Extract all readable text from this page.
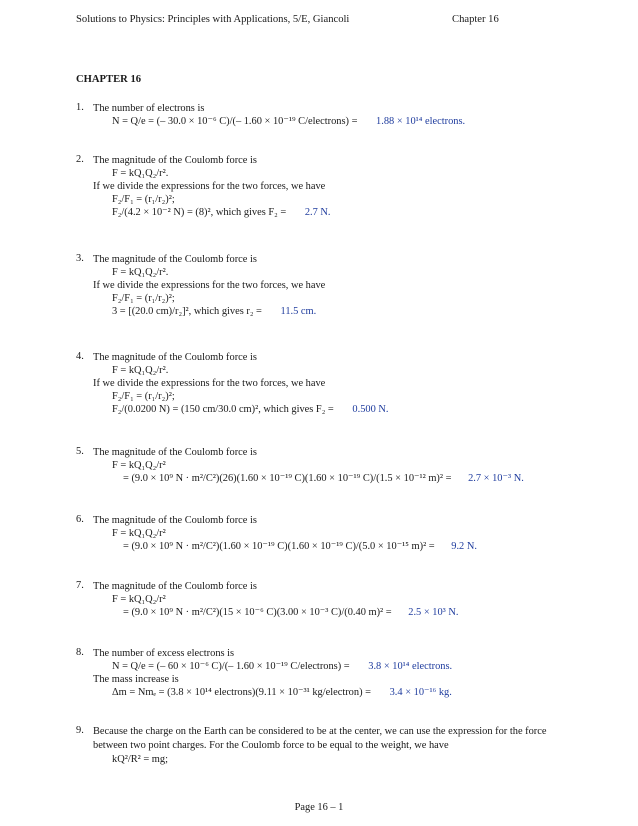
Solutions to Physics: Principles with Applications, 5/E, Giancoli	Chapter 16
CHAPTER 16
1. The number of electrons is
N = Q/e = (– 30.0 × 10⁻⁶ C)/(– 1.60 × 10⁻¹⁹ C/electrons) = 1.88 × 10¹⁴ electrons.
2. The magnitude of the Coulomb force is
F = kQ₁Q₂/r².
If we divide the expressions for the two forces, we have
F₂/F₁ = (r₁/r₂)²;
F₂/(4.2 × 10⁻² N) = (8)², which gives F₂ = 2.7 N.
3. The magnitude of the Coulomb force is
F = kQ₁Q₂/r².
If we divide the expressions for the two forces, we have
F₂/F₁ = (r₁/r₂)²;
3 = [(20.0 cm)/r₂]², which gives r₂ = 11.5 cm.
4. The magnitude of the Coulomb force is
F = kQ₁Q₂/r².
If we divide the expressions for the two forces, we have
F₂/F₁ = (r₁/r₂)²;
F₂/(0.0200 N) = (150 cm/30.0 cm)², which gives F₂ = 0.500 N.
5. The magnitude of the Coulomb force is
F = kQ₁Q₂/r²
= (9.0 × 10⁹ N · m²/C²)(26)(1.60 × 10⁻¹⁹ C)(1.60 × 10⁻¹⁹ C)/(1.5 × 10⁻¹² m)² = 2.7 × 10⁻³ N.
6. The magnitude of the Coulomb force is
F = kQ₁Q₂/r²
= (9.0 × 10⁹ N · m²/C²)(1.60 × 10⁻¹⁹ C)(1.60 × 10⁻¹⁹ C)/(5.0 × 10⁻¹⁵ m)² = 9.2 N.
7. The magnitude of the Coulomb force is
F = kQ₁Q₂/r²
= (9.0 × 10⁹ N · m²/C²)(15 × 10⁻⁶ C)(3.00 × 10⁻³ C)/(0.40 m)² = 2.5 × 10³ N.
8. The number of excess electrons is
N = Q/e = (– 60 × 10⁻⁶ C)/(– 1.60 × 10⁻¹⁹ C/electrons) = 3.8 × 10¹⁴ electrons.
The mass increase is
Δm = Nmₑ = (3.8 × 10¹⁴ electrons)(9.11 × 10⁻³¹ kg/electron) = 3.4 × 10⁻¹⁶ kg.
9. Because the charge on the Earth can be considered to be at the center, we can use the expression for the force between two point charges. For the Coulomb force to be equal to the weight, we have
kQ²/R² = mg;
Page 16 – 1
